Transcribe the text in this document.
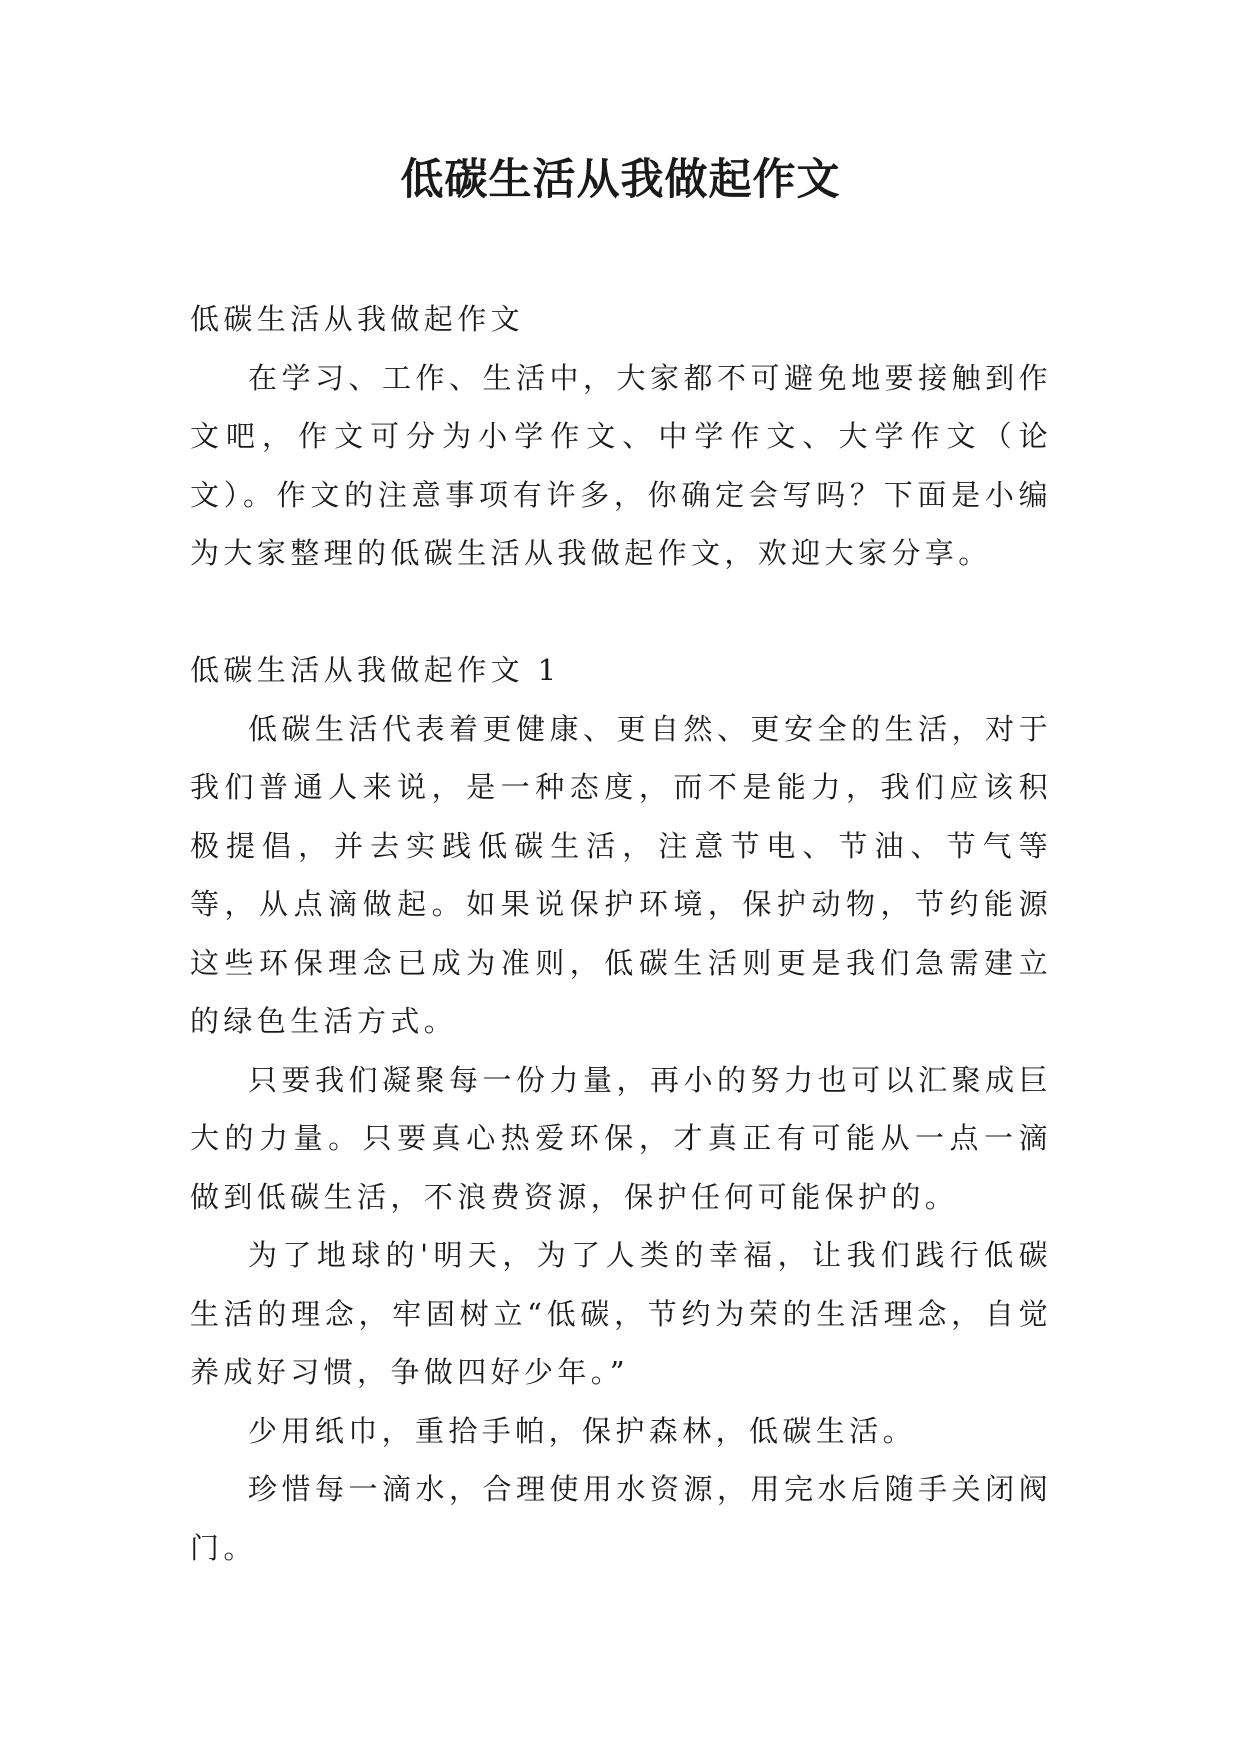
低碳生活从我做起作文

低碳生活从我做起作文

在学习、工作、生活中，大家都不可避免地要接触到作文吧，作文可分为小学作文、中学作文、大学作文（论文）。作文的注意事项有许多，你确定会写吗？下面是小编为大家整理的低碳生活从我做起作文，欢迎大家分享。

低碳生活从我做起作文 1

低碳生活代表着更健康、更自然、更安全的生活，对于我们普通人来说，是一种态度，而不是能力，我们应该积极提倡，并去实践低碳生活，注意节电、节油、节气等等，从点滴做起。如果说保护环境，保护动物，节约能源这些环保理念已成为准则，低碳生活则更是我们急需建立的绿色生活方式。

只要我们凝聚每一份力量，再小的努力也可以汇聚成巨大的力量。只要真心热爱环保，才真正有可能从一点一滴做到低碳生活，不浪费资源，保护任何可能保护的。

为了地球的'明天，为了人类的幸福，让我们践行低碳生活的理念，牢固树立“低碳，节约为荣的生活理念，自觉养成好习惯，争做四好少年。”

少用纸巾，重拾手帕，保护森林，低碳生活。

珍惜每一滴水，合理使用水资源，用完水后随手关闭阀门。
